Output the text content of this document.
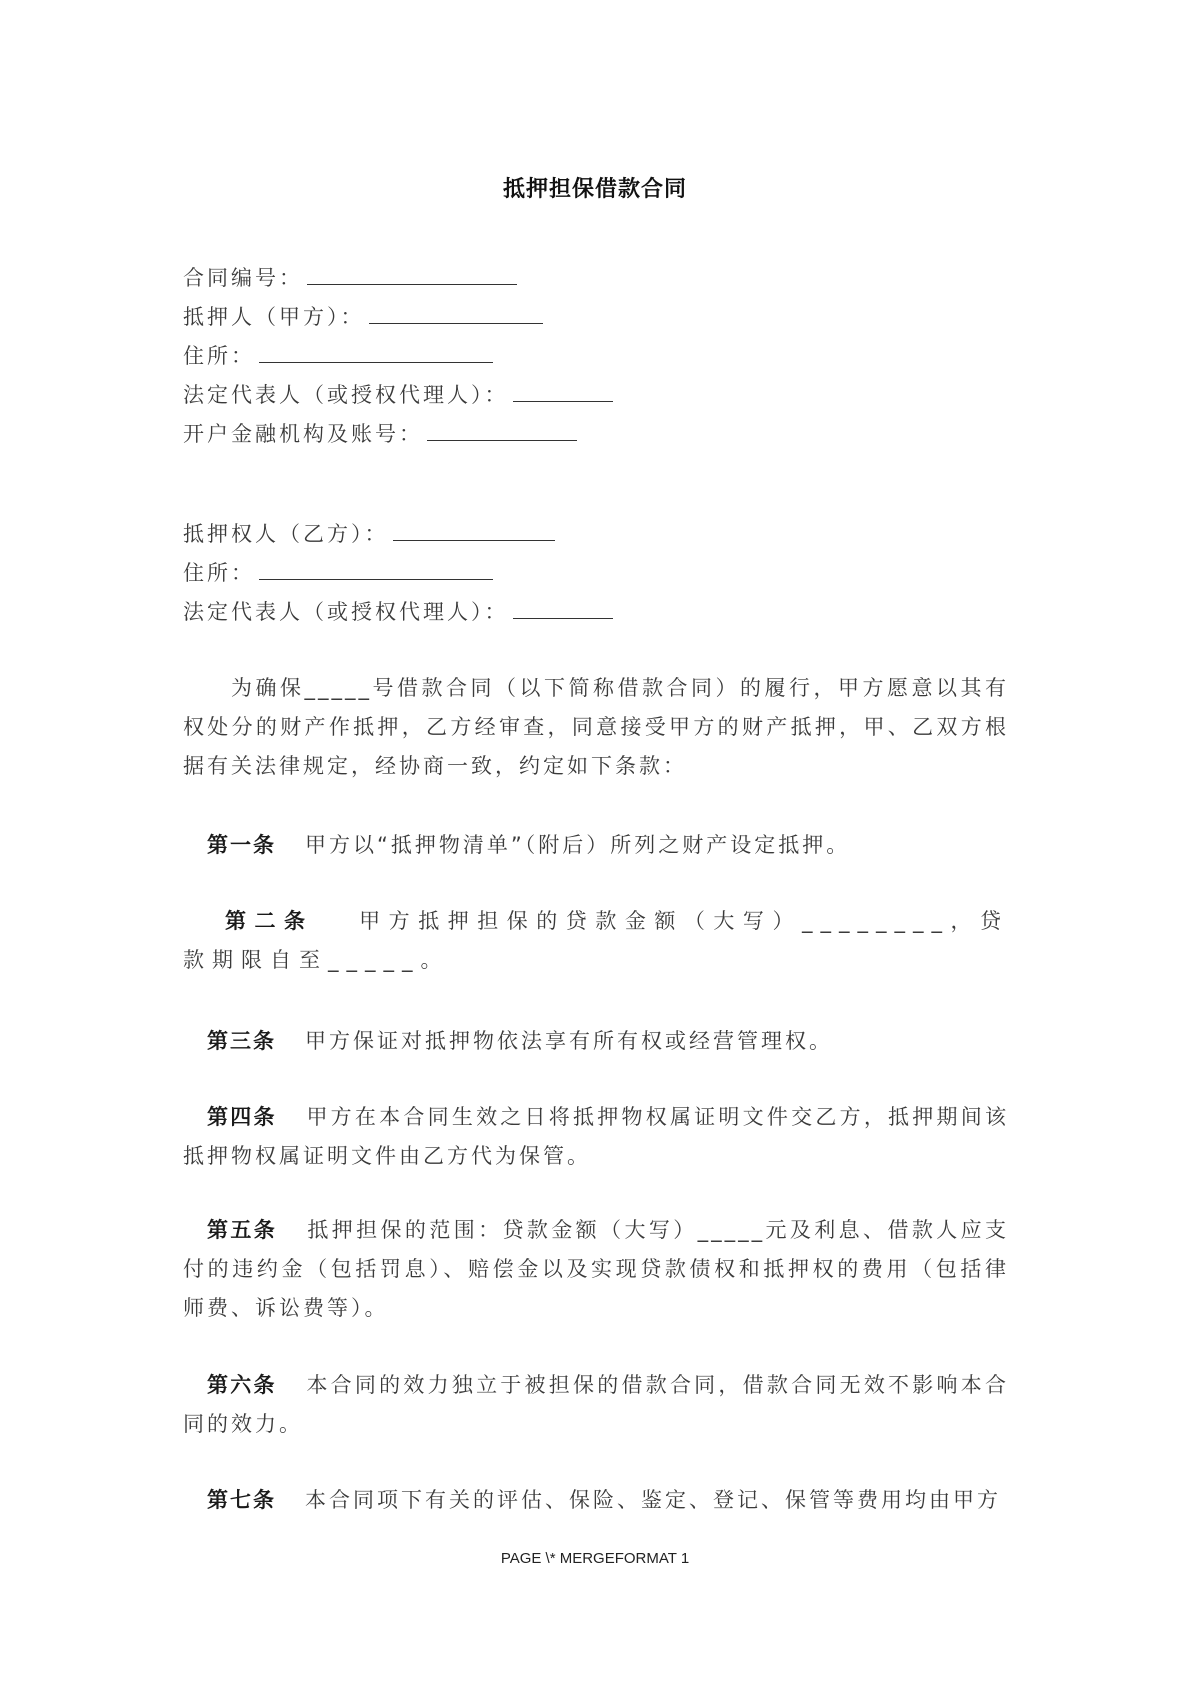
抵押担保借款合同
合同编号：
抵押人（甲方）：
住所：
法定代表人（或授权代理人）：
开户金融机构及账号：
抵押权人（乙方）：
住所：
法定代表人（或授权代理人）：
为确保_____号借款合同（以下简称借款合同）的履行，甲方愿意以其有权处分的财产作抵押，乙方经审查，同意接受甲方的财产抵押，甲、乙双方根据有关法律规定，经协商一致，约定如下条款：
第一条 甲方以“抵押物清单”（附后）所列之财产设定抵押。
第二条 甲方抵押担保的贷款金额（大写）________，贷款期限自至_____。
第三条 甲方保证对抵押物依法享有所有权或经营管理权。
第四条 甲方在本合同生效之日将抵押物权属证明文件交乙方，抵押期间该抵押物权属证明文件由乙方代为保管。
第五条 抵押担保的范围：贷款金额（大写）_____元及利息、借款人应支付的违约金（包括罚息）、赔偿金以及实现贷款债权和抵押权的费用（包括律师费、诉讼费等）。
第六条 本合同的效力独立于被担保的借款合同，借款合同无效不影响本合同的效力。
第七条 本合同项下有关的评估、保险、鉴定、登记、保管等费用均由甲方
PAGE \* MERGEFORMAT 1
